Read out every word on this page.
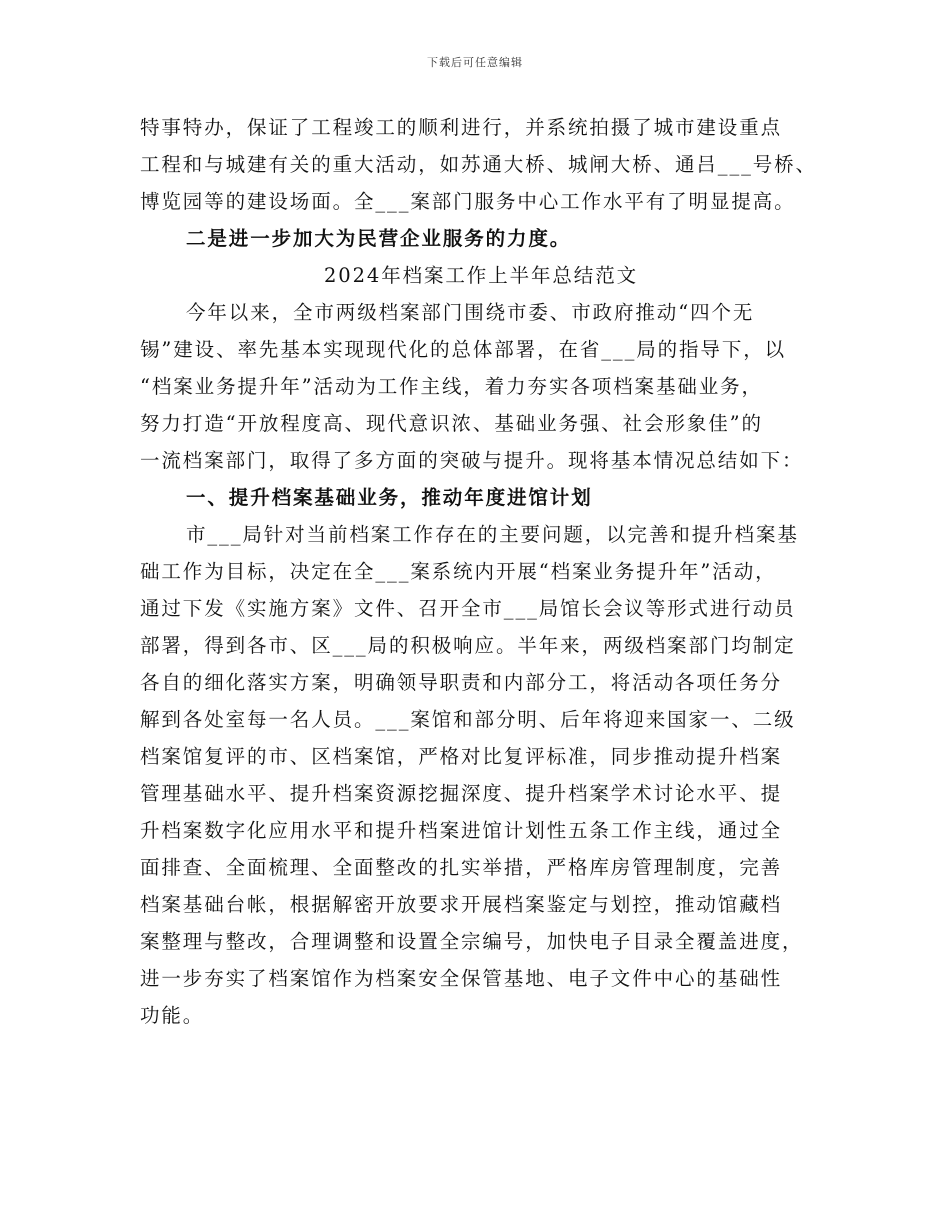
下载后可任意编辑
特事特办，保证了工程竣工的顺利进行，并系统拍摄了城市建设重点
工程和与城建有关的重大活动，如苏通大桥、城闸大桥、通吕___号桥、
博览园等的建设场面。全___案部门服务中心工作水平有了明显提高。
二是进一步加大为民营企业服务的力度。
2024年档案工作上半年总结范文
今年以来，全市两级档案部门围绕市委、市政府推动“四个无
锡”建设、率先基本实现现代化的总体部署，在省___局的指导下，以
“档案业务提升年”活动为工作主线，着力夯实各项档案基础业务，
努力打造“开放程度高、现代意识浓、基础业务强、社会形象佳”的
一流档案部门，取得了多方面的突破与提升。现将基本情况总结如下：
一、提升档案基础业务，推动年度进馆计划
市___局针对当前档案工作存在的主要问题，以完善和提升档案基
础工作为目标，决定在全___案系统内开展“档案业务提升年”活动，
通过下发《实施方案》文件、召开全市___局馆长会议等形式进行动员
部署，得到各市、区___局的积极响应。半年来，两级档案部门均制定
各自的细化落实方案，明确领导职责和内部分工，将活动各项任务分
解到各处室每一名人员。___案馆和部分明、后年将迎来国家一、二级
档案馆复评的市、区档案馆，严格对比复评标准，同步推动提升档案
管理基础水平、提升档案资源挖掘深度、提升档案学术讨论水平、提
升档案数字化应用水平和提升档案进馆计划性五条工作主线，通过全
面排查、全面梳理、全面整改的扎实举措，严格库房管理制度，完善
档案基础台帐，根据解密开放要求开展档案鉴定与划控，推动馆藏档
案整理与整改，合理调整和设置全宗编号，加快电子目录全覆盖进度，
进一步夯实了档案馆作为档案安全保管基地、电子文件中心的基础性
功能。
